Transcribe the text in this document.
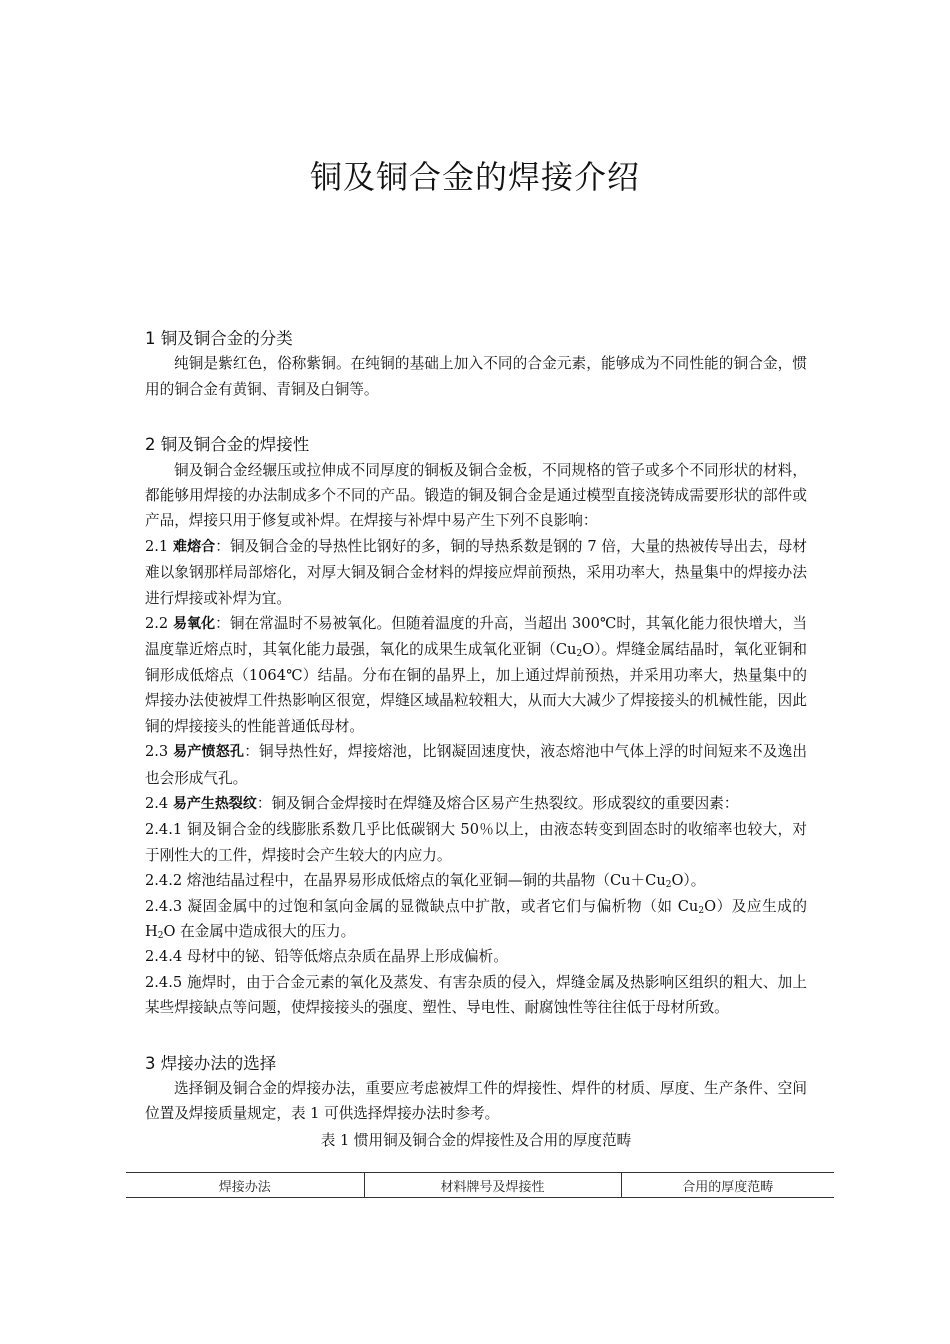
铜及铜合金的焊接介绍
1 铜及铜合金的分类

纯铜是紫红色，俗称紫铜。在纯铜的基础上加入不同的合金元素，能够成为不同性能的铜合金，惯用的铜合金有黄铜、青铜及白铜等。

2 铜及铜合金的焊接性

铜及铜合金经辗压或拉伸成不同厚度的铜板及铜合金板，不同规格的管子或多个不同形状的材料，都能够用焊接的办法制成多个不同的产品。锻造的铜及铜合金是通过模型直接浇铸成需要形状的部件或产品，焊接只用于修复或补焊。在焊接与补焊中易产生下列不良影响：

2.1 难熔合：铜及铜合金的导热性比钢好的多，铜的导热系数是钢的 7 倍，大量的热被传导出去，母材难以象钢那样局部熔化，对厚大铜及铜合金材料的焊接应焊前预热，采用功率大，热量集中的焊接办法进行焊接或补焊为宜。

2.2 易氧化：铜在常温时不易被氧化。但随着温度的升高，当超出 300℃时，其氧化能力很快增大，当温度靠近熔点时，其氧化能力最强，氧化的成果生成氧化亚铜$(Cu_2O)$。焊缝金属结晶时，氧化亚铜和铜形成低熔点（1064℃）结晶。分布在铜的晶界上，加上通过焊前预热，并采用功率大，热量集中的焊接办法使被焊工件热影响区很宽，焊缝区域晶粒较粗大，从而大大减少了焊接接头的机械性能，因此铜的焊接接头的性能普通低母材。

2.3 易产愤怒孔：铜导热性好，焊接熔池，比钢凝固速度快，液态熔池中气体上浮的时间短来不及逸出也会形成气孔。

2.4 易产生热裂纹：铜及铜合金焊接时在焊缝及熔合区易产生热裂纹。形成裂纹的重要因素：

2.4.1 铜及铜合金的线膨胀系数几乎比低碳钢大 50％以上，由液态转变到固态时的收缩率也较大，对于刚性大的工件，焊接时会产生较大的内应力。

2.4.2 熔池结晶过程中，在晶界易形成低熔点的氧化亚铜—铜的共晶物$(Cu+Cu_2O)$。

2.4.3 凝固金属中的过饱和氢向金属的显微缺点中扩散，或者它们与偏析物（如 $Cu_2O$）及应生成的 $H_2O$ 在金属中造成很大的压力。

2.4.4 母材中的铋、铅等低熔点杂质在晶界上形成偏析。

2.4.5 施焊时，由于合金元素的氧化及蒸发、有害杂质的侵入，焊缝金属及热影响区组织的粗大、加上某些焊接缺点等问题，使焊接接头的强度、塑性、导电性、耐腐蚀性等往往低于母材所致。

3 焊接办法的选择

选择铜及铜合金的焊接办法，重要应考虑被焊工件的焊接性、焊件的材质、厚度、生产条件、空间位置及焊接质量规定，表 1 可供选择焊接办法时参考。

表 1 惯用铜及铜合金的焊接性及合用的厚度范畴
焊接办法	材料牌号及焊接性	合用的厚度范畴
